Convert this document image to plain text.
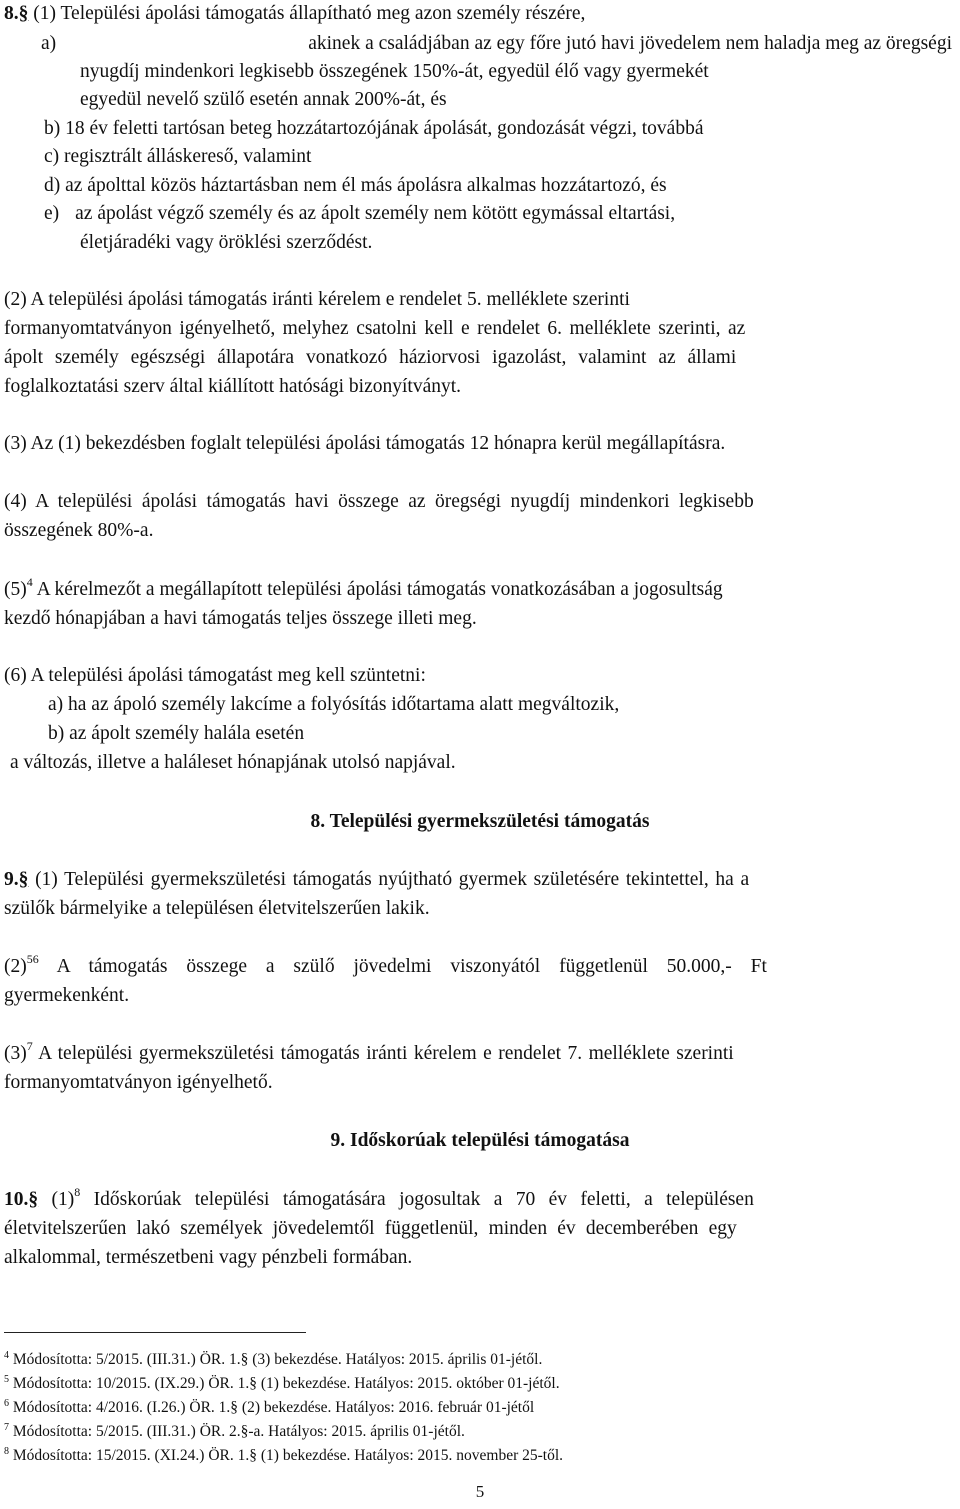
8.§ (1) Települési ápolási támogatás állapítható meg azon személy részére,
a)	akinek a családjában az egy főre jutó havi jövedelem nem haladja meg az öregségi
nyugdíj mindenkori legkisebb összegének 150%-át, egyedül élő vagy gyermekét
egyedül nevelő szülő esetén annak 200%-át, és
b) 18 év feletti tartósan beteg hozzátartozójának ápolását, gondozását végzi, továbbá
c) regisztrált álláskereső, valamint
d) az ápolttal közös háztartásban nem él más ápolásra alkalmas hozzátartozó, és
e) az ápolást végző személy és az ápolt személy nem kötött egymással eltartási,
életjáradéki vagy öröklési szerződést.
(2) A települési ápolási támogatás iránti kérelem e rendelet 5. melléklete szerinti
formanyomtatványon igényelhető, melyhez csatolni kell e rendelet 6. melléklete szerinti, az
ápolt személy egészségi állapotára vonatkozó háziorvosi igazolást, valamint az állami
foglalkoztatási szerv által kiállított hatósági bizonyítványt.
(3) Az (1) bekezdésben foglalt települési ápolási támogatás 12 hónapra kerül megállapításra.
(4) A települési ápolási támogatás havi összege az öregségi nyugdíj mindenkori legkisebb
összegének 80%-a.
$(5)^4$ A kérelmezőt a megállapított települési ápolási támogatás vonatkozásában a jogosultság
kezdő hónapjában a havi támogatás teljes összege illeti meg.
(6) A települési ápolási támogatást meg kell szüntetni:
a) ha az ápoló személy lakcíme a folyósítás időtartama alatt megváltozik,
b) az ápolt személy halála esetén
a változás, illetve a haláleset hónapjának utolsó napjával.
8. Települési gyermekszületési támogatás
9.§ (1) Települési gyermekszületési támogatás nyújtható gyermek születésére tekintettel, ha a
szülők bármelyike a településen életvitelszerűen lakik.
$(2)^{56}$ A támogatás összege a szülő jövedelmi viszonyától függetlenül 50.000,- Ft
gyermekenként.
$(3)^7$ A települési gyermekszületési támogatás iránti kérelem e rendelet 7. melléklete szerinti
formanyomtatványon igényelhető.
9. Időskorúak települési támogatása
10.§ $(1)^8$ Időskorúak települési támogatására jogosultak a 70 év feletti, a településen
életvitelszerűen lakó személyek jövedelemtől függetlenül, minden év decemberében egy
alkalommal, természetbeni vagy pénzbeli formában.
$^4$ Módosította: 5/2015. (III.31.) ÖR. 1.§ (3) bekezdése. Hatályos: 2015. április 01-jétől.
$^5$ Módosította: 10/2015. (IX.29.) ÖR. 1.§ (1) bekezdése. Hatályos: 2015. október 01-jétől.
$^6$ Módosította: 4/2016. (I.26.) ÖR. 1.§ (2) bekezdése. Hatályos: 2016. február 01-jétől
$^7$ Módosította: 5/2015. (III.31.) ÖR. 2.§-a. Hatályos: 2015. április 01-jétől.
$^8$ Módosította: 15/2015. (XI.24.) ÖR. 1.§ (1) bekezdése. Hatályos: 2015. november 25-től.
5
